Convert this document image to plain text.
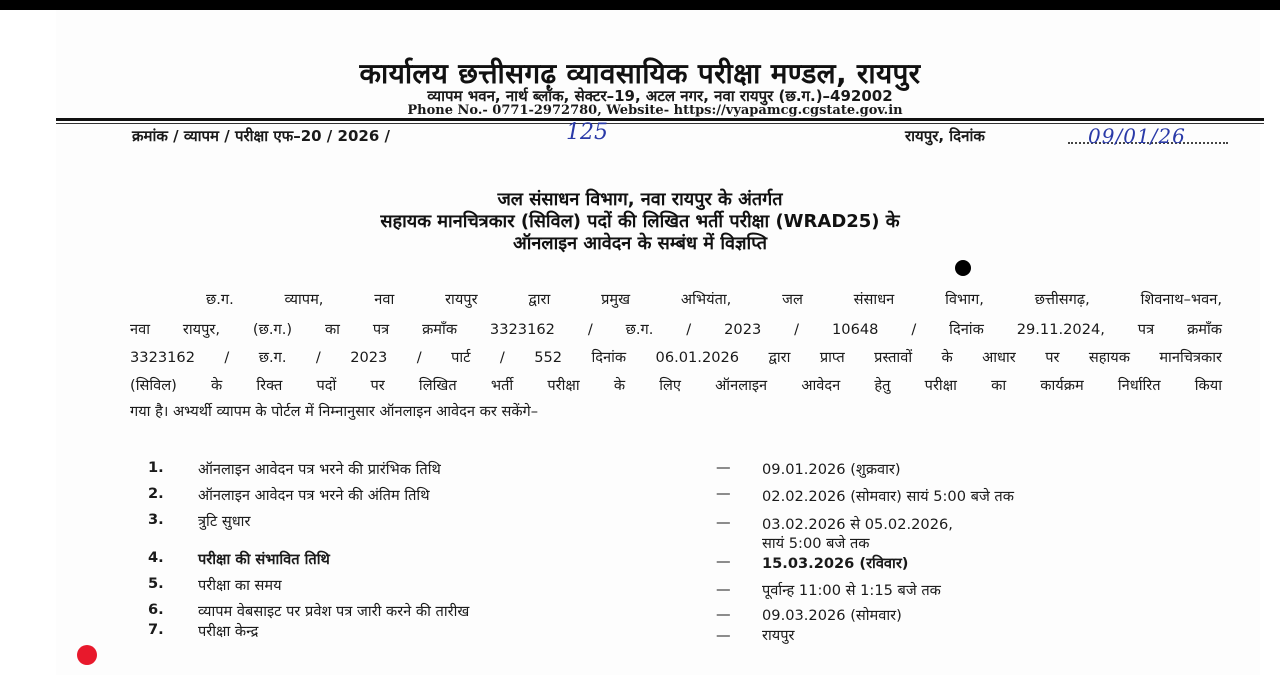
कार्यालय छत्तीसगढ़ व्यावसायिक परीक्षा मण्डल, रायपुर
व्यापम भवन, नार्थ ब्लॉक, सेक्टर–19, अटल नगर, नवा रायपुर (छ.ग.)–492002
Phone No.- 0771-2972780, Website- https://vyapamcg.cgstate.gov.in
क्रमांक / व्यापम / परीक्षा एफ–20 / 2026 /	125	रायपुर, दिनांक	09/01/26
जल संसाधन विभाग, नवा रायपुर के अंतर्गत
सहायक मानचित्रकार (सिविल) पदों की लिखित भर्ती परीक्षा (WRAD25) के
ऑनलाइन आवेदन के सम्बंध में विज्ञप्ति
छ.ग. व्यापम, नवा रायपुर द्वारा प्रमुख अभियंता, जल संसाधन विभाग, छत्तीसगढ़, शिवनाथ–भवन,
नवा रायपुर, (छ.ग.) का पत्र क्रमाँक 3323162 / छ.ग. / 2023 / 10648 / दिनांक 29.11.2024, पत्र क्रमाँक
3323162 / छ.ग. / 2023 / पार्ट / 552 दिनांक 06.01.2026 द्वारा प्राप्त प्रस्तावों के आधार पर सहायक मानचित्रकार
(सिविल) के रिक्त पदों पर लिखित भर्ती परीक्षा के लिए ऑनलाइन आवेदन हेतु परीक्षा का कार्यक्रम निर्धारित किया
गया है। अभ्यर्थी व्यापम के पोर्टल में निम्नानुसार ऑनलाइन आवेदन कर सकेंगे–
1.	ऑनलाइन आवेदन पत्र भरने की प्रारंभिक तिथि	— 09.01.2026 (शुक्रवार)
2.	ऑनलाइन आवेदन पत्र भरने की अंतिम तिथि	— 02.02.2026 (सोमवार) सायं 5:00 बजे तक
3.	त्रुटि सुधार	— 03.02.2026 से 05.02.2026,
सायं 5:00 बजे तक
4.	परीक्षा की संभावित तिथि	— 15.03.2026 (रविवार)
5.	परीक्षा का समय	— पूर्वान्ह 11:00 से 1:15 बजे तक
6.	व्यापम वेबसाइट पर प्रवेश पत्र जारी करने की तारीख	— 09.03.2026 (सोमवार)
7.	परीक्षा केन्द्र	— रायपुर
